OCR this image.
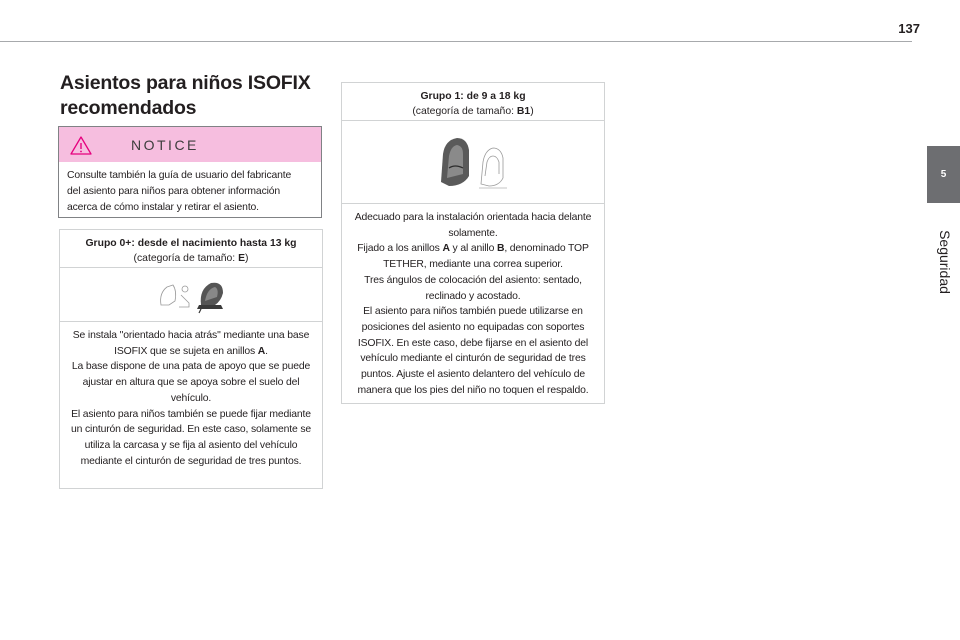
137
5
Seguridad
Asientos para niños ISOFIX
recomendados
NOTICE
Consulte también la guía de usuario del fabricante
del asiento para niños para obtener información
acerca de cómo instalar y retirar el asiento.
Grupo 0+: desde el nacimiento hasta 13 kg
(categoría de tamaño: E)

Se instala "orientado hacia atrás" mediante una base ISOFIX que se sujeta en anillos A.

La base dispone de una pata de apoyo que se puede ajustar en altura que se apoya sobre el suelo del vehículo.

El asiento para niños también se puede fijar mediante un cinturón de seguridad. En este caso, solamente se utiliza la carcasa y se fija al asiento del vehículo mediante el cinturón de seguridad de tres puntos.

Grupo 1: de 9 a 18 kg
(categoría de tamaño: B1)

Adecuado para la instalación orientada hacia delante solamente.

Fijado a los anillos A y al anillo B, denominado TOP TETHER, mediante una correa superior.

Tres ángulos de colocación del asiento: sentado, reclinado y acostado.

El asiento para niños también puede utilizarse en posiciones del asiento no equipadas con soportes ISOFIX. En este caso, debe fijarse en el asiento del vehículo mediante el cinturón de seguridad de tres puntos. Ajuste el asiento delantero del vehículo de manera que los pies del niño no toquen el respaldo.
